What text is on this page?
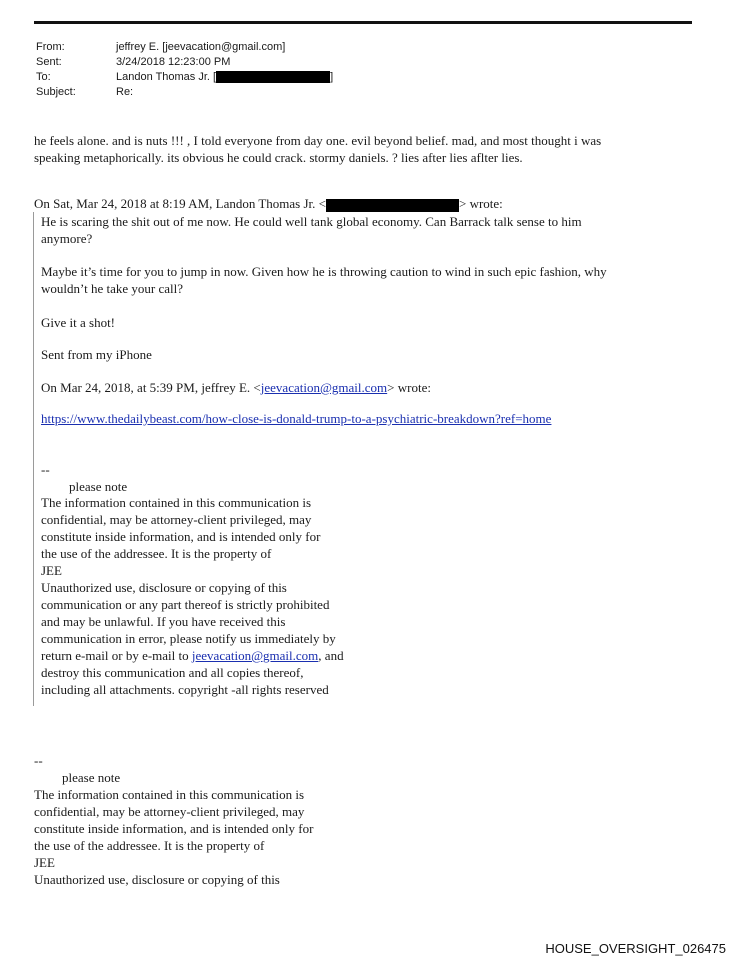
From:	jeffrey E. [jeevacation@gmail.com]
Sent:	3/24/2018 12:23:00 PM
To:	Landon Thomas Jr. [	]
Subject:	Re:
he feels alone. and is nuts !!! , I told everyone from day one. evil beyond belief. mad, and most thought i was
speaking metaphorically. its obvious he could crack. stormy daniels. ? lies after lies aflter lies.
On Sat, Mar 24, 2018 at 8:19 AM, Landon Thomas Jr. <	> wrote:
He is scaring the shit out of me now. He could well tank global economy. Can Barrack talk sense to him
anymore?
Maybe it’s time for you to jump in now. Given how he is throwing caution to wind in such epic fashion, why
wouldn’t he take your call?
Give it a shot!
Sent from my iPhone
On Mar 24, 2018, at 5:39 PM, jeffrey E. <jeevacation@gmail.com> wrote:
https://www.thedailybeast.com/how-close-is-donald-trump-to-a-psychiatric-breakdown?ref=home
--
please note
The information contained in this communication is
confidential, may be attorney-client privileged, may
constitute inside information, and is intended only for
the use of the addressee. It is the property of
JEE
Unauthorized use, disclosure or copying of this
communication or any part thereof is strictly prohibited
and may be unlawful. If you have received this
communication in error, please notify us immediately by
return e-mail or by e-mail to jeevacation@gmail.com, and
destroy this communication and all copies thereof,
including all attachments. copyright -all rights reserved
--
please note
The information contained in this communication is
confidential, may be attorney-client privileged, may
constitute inside information, and is intended only for
the use of the addressee. It is the property of
JEE
Unauthorized use, disclosure or copying of this
HOUSE_OVERSIGHT_026475
